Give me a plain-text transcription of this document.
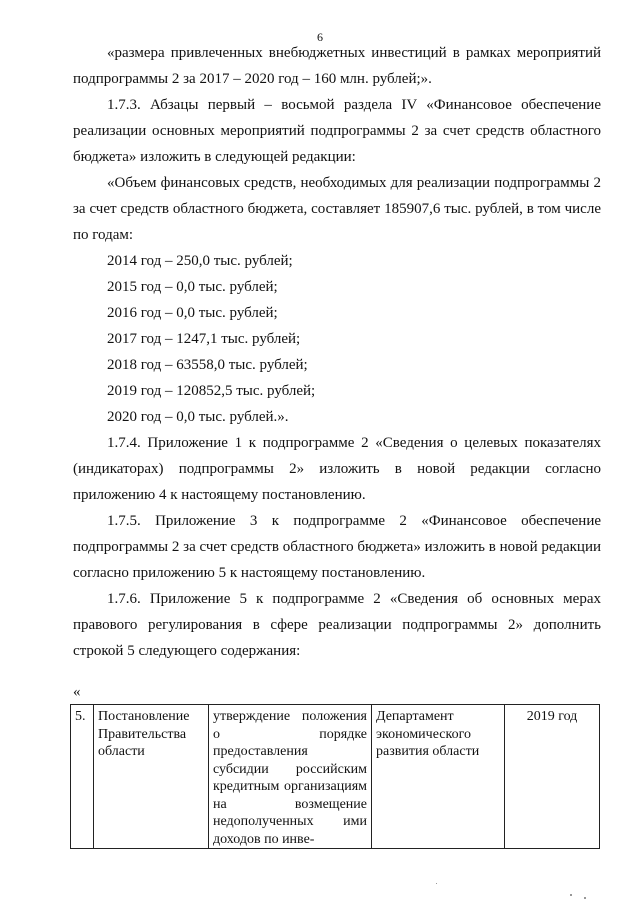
6

«размера привлеченных внебюджетных инвестиций в рамках мероприятий подпрограммы 2 за 2017 – 2020 год – 160 млн. рублей;».

1.7.3. Абзацы первый – восьмой раздела IV «Финансовое обеспечение реализации основных мероприятий подпрограммы 2 за счет средств областного бюджета» изложить в следующей редакции:

«Объем финансовых средств, необходимых для реализации подпрограммы 2 за счет средств областного бюджета, составляет 185907,6 тыс. рублей, в том числе по годам:

2014 год – 250,0 тыс. рублей;

2015 год – 0,0 тыс. рублей;

2016 год – 0,0 тыс. рублей;

2017 год – 1247,1 тыс. рублей;

2018 год – 63558,0 тыс. рублей;

2019 год – 120852,5 тыс. рублей;

2020 год – 0,0 тыс. рублей.».

1.7.4. Приложение 1 к подпрограмме 2 «Сведения о целевых показателях (индикаторах) подпрограммы 2» изложить в новой редакции согласно приложению 4 к настоящему постановлению.

1.7.5. Приложение 3 к подпрограмме 2 «Финансовое обеспечение подпрограммы 2 за счет средств областного бюджета» изложить в новой редакции согласно приложению 5 к настоящему постановлению.

1.7.6. Приложение 5 к подпрограмме 2 «Сведения об основных мерах правового регулирования в сфере реализации подпрограммы 2» дополнить строкой 5 следующего содержания:

«
5.	Постановление Правительства области	утверждение положения о порядке предоставления субсидии российским кредитным организациям на возмещение недополученных ими доходов по инве-	Департамент экономического развития области	2019 год
